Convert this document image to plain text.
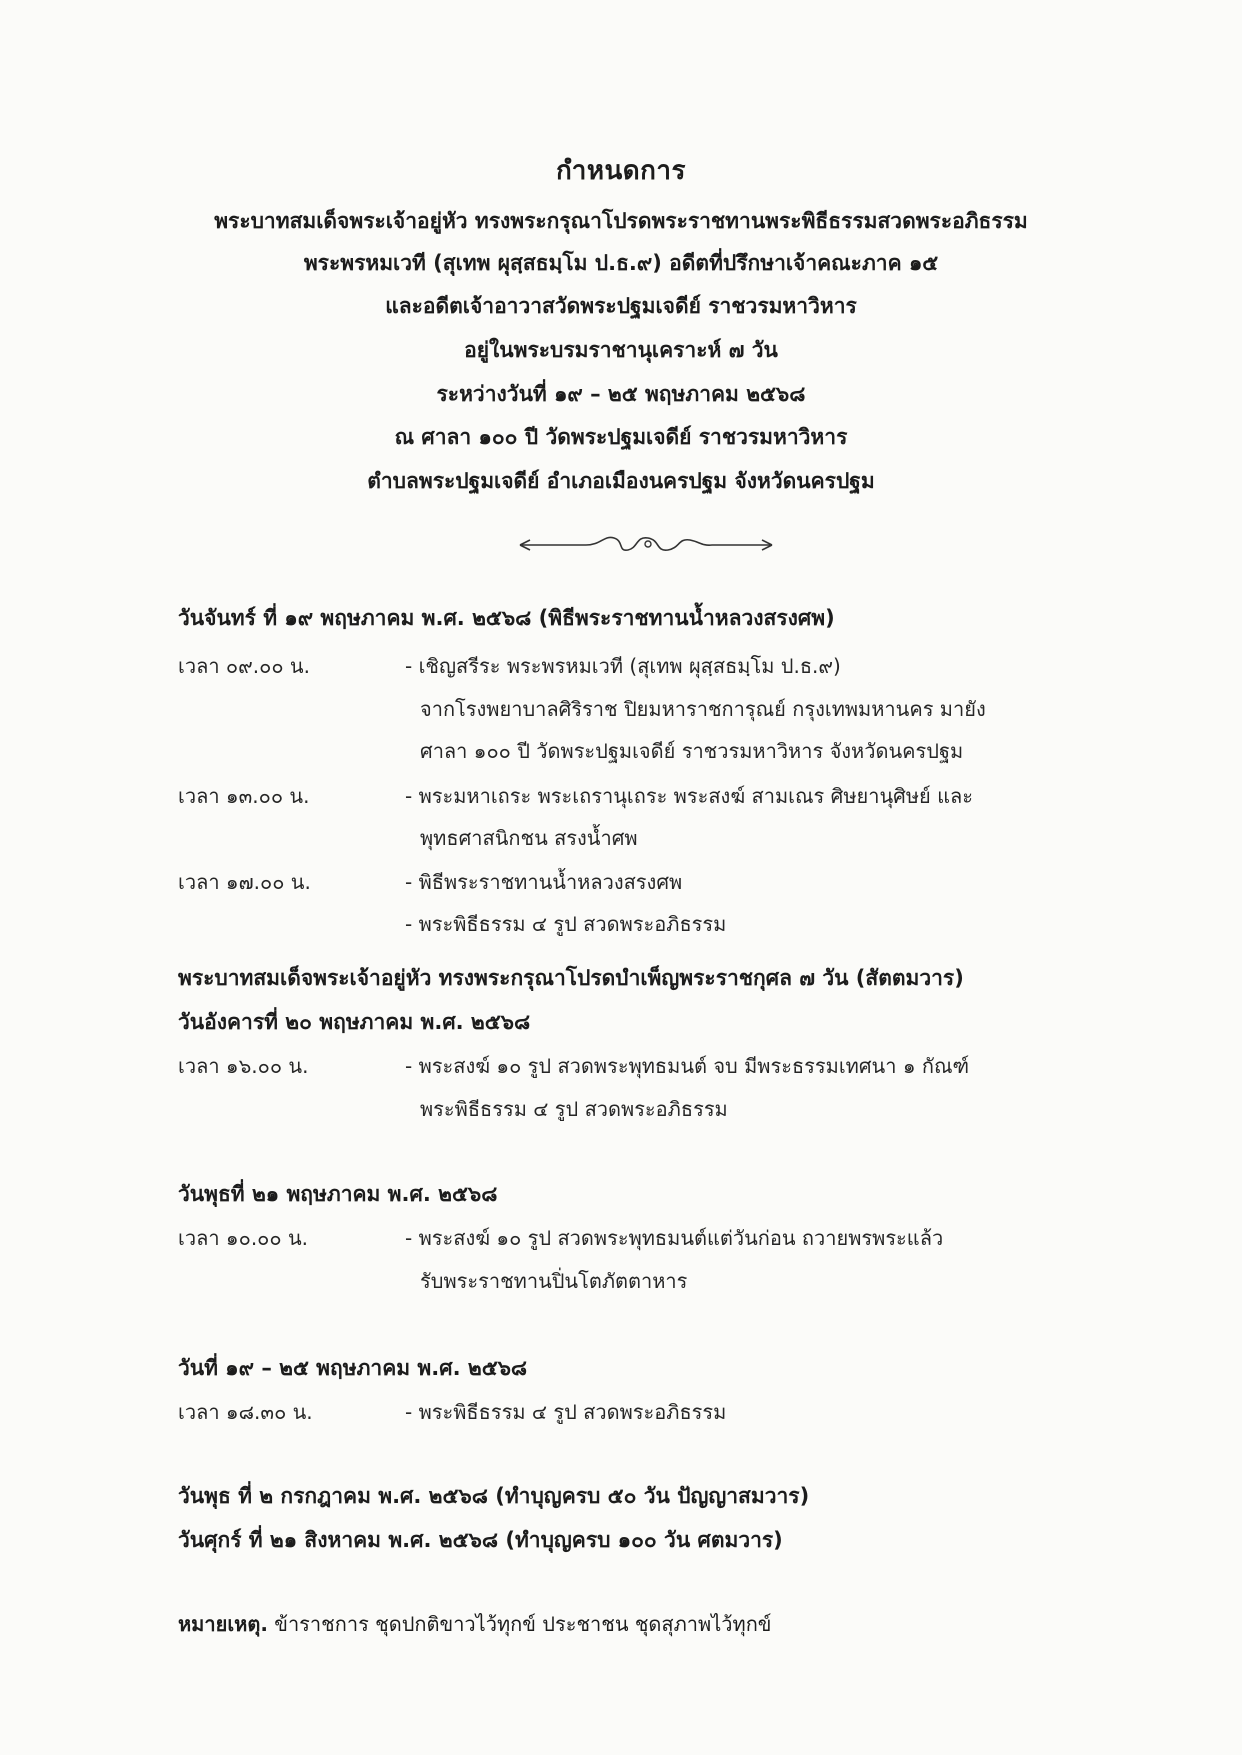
กำหนดการ
พระบาทสมเด็จพระเจ้าอยู่หัว ทรงพระกรุณาโปรดพระราชทานพระพิธีธรรมสวดพระอภิธรรม
พระพรหมเวที (สุเทพ ผุสฺสธมฺโม ป.ธ.๙) อดีตที่ปรึกษาเจ้าคณะภาค ๑๕
และอดีตเจ้าอาวาสวัดพระปฐมเจดีย์ ราชวรมหาวิหาร
อยู่ในพระบรมราชานุเคราะห์ ๗ วัน
ระหว่างวันที่ ๑๙ – ๒๕ พฤษภาคม ๒๕๖๘
ณ ศาลา ๑๐๐ ปี วัดพระปฐมเจดีย์ ราชวรมหาวิหาร
ตำบลพระปฐมเจดีย์ อำเภอเมืองนครปฐม จังหวัดนครปฐม
วันจันทร์ ที่ ๑๙ พฤษภาคม พ.ศ. ๒๕๖๘ (พิธีพระราชทานน้ำหลวงสรงศพ)
เวลา ๐๙.๐๐ น.	- เชิญสรีระ พระพรหมเวที (สุเทพ ผุสฺสธมฺโม ป.ธ.๙)
จากโรงพยาบาลศิริราช ปิยมหาราชการุณย์ กรุงเทพมหานคร มายัง
ศาลา ๑๐๐ ปี วัดพระปฐมเจดีย์ ราชวรมหาวิหาร จังหวัดนครปฐม
เวลา ๑๓.๐๐ น.	- พระมหาเถระ พระเถรานุเถระ พระสงฆ์ สามเณร ศิษยานุศิษย์ และ
พุทธศาสนิกชน สรงน้ำศพ
เวลา ๑๗.๐๐ น.	- พิธีพระราชทานน้ำหลวงสรงศพ
- พระพิธีธรรม ๔ รูป สวดพระอภิธรรม
พระบาทสมเด็จพระเจ้าอยู่หัว ทรงพระกรุณาโปรดบำเพ็ญพระราชกุศล ๗ วัน (สัตตมวาร)
วันอังคารที่ ๒๐ พฤษภาคม พ.ศ. ๒๕๖๘
เวลา ๑๖.๐๐ น.	- พระสงฆ์ ๑๐ รูป สวดพระพุทธมนต์ จบ มีพระธรรมเทศนา ๑ กัณฑ์
พระพิธีธรรม ๔ รูป สวดพระอภิธรรม
วันพุธที่ ๒๑ พฤษภาคม พ.ศ. ๒๕๖๘
เวลา ๑๐.๐๐ น.	- พระสงฆ์ ๑๐ รูป สวดพระพุทธมนต์แต่วันก่อน ถวายพรพระแล้ว
รับพระราชทานปิ่นโตภัตตาหาร
วันที่ ๑๙ – ๒๕ พฤษภาคม พ.ศ. ๒๕๖๘
เวลา ๑๘.๓๐ น.	- พระพิธีธรรม ๔ รูป สวดพระอภิธรรม
วันพุธ ที่ ๒ กรกฎาคม พ.ศ. ๒๕๖๘ (ทำบุญครบ ๕๐ วัน ปัญญาสมวาร)
วันศุกร์ ที่ ๒๑ สิงหาคม พ.ศ. ๒๕๖๘ (ทำบุญครบ ๑๐๐ วัน ศตมวาร)
หมายเหตุ. ข้าราชการ ชุดปกติขาวไว้ทุกข์ ประชาชน ชุดสุภาพไว้ทุกข์
